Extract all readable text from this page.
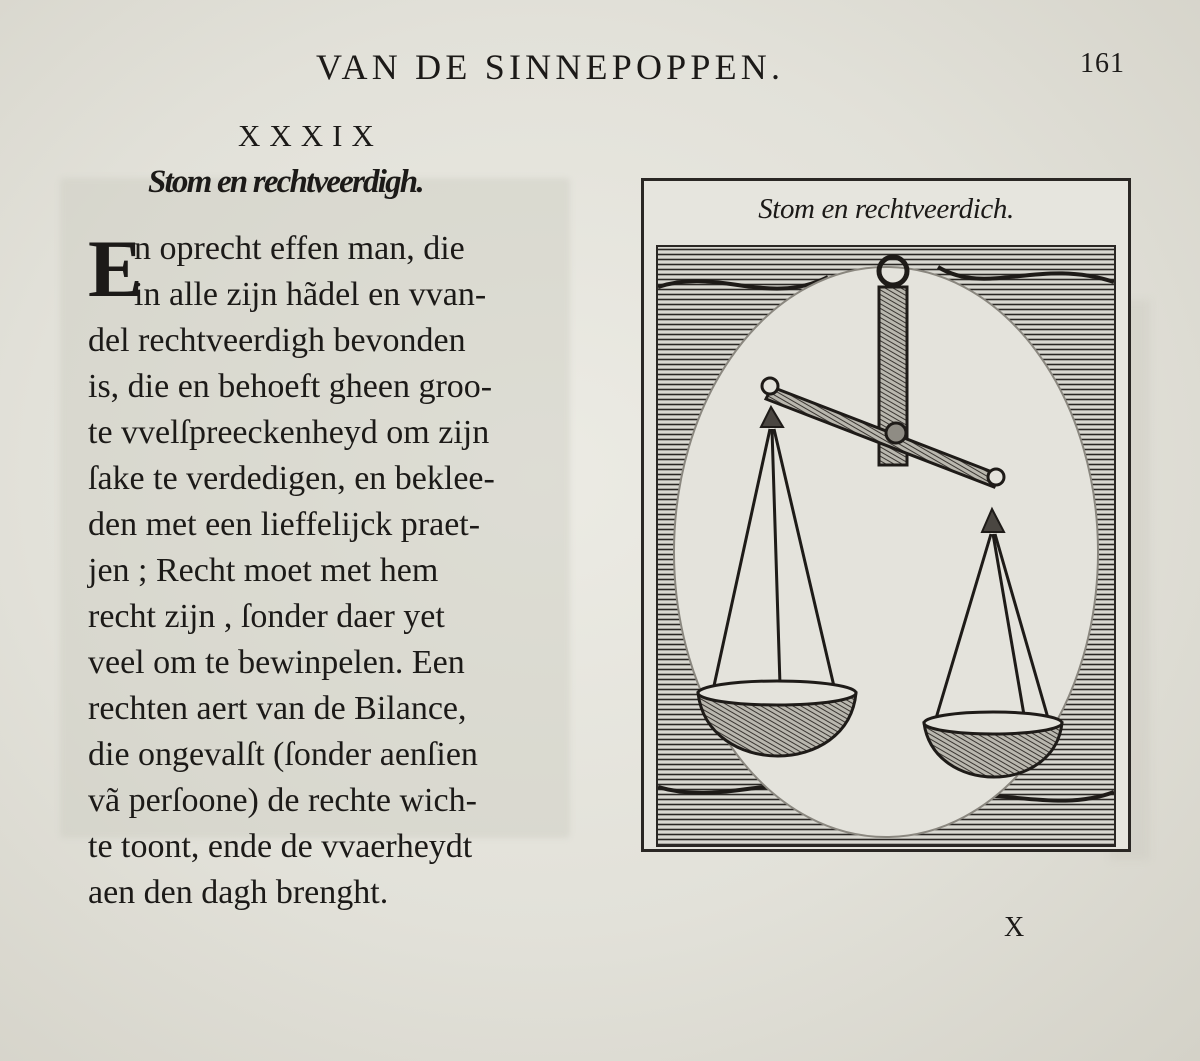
VAN DE SINNEPOPPEN.	161
XXXIX
Stom en rechtveerdigh.
E
n oprecht effen man, die
in alle zijn hãdel en vvan-
del rechtveerdigh bevonden
is, die en behoeft gheen groo-
te vvelſpreeckenheyd om zijn
ſake te verdedigen, en beklee-
den met een lieffelijck praet-
jen ; Recht moet met hem
recht zijn , ſonder daer yet
veel om te bewinpelen. Een
rechten aert van de Bilance,
die ongevalſt (ſonder aenſien
vã perſoone) de rechte wich-
te toont, ende de vvaerheydt
aen den dagh brenght.
Stom en rechtveerdich.
X
